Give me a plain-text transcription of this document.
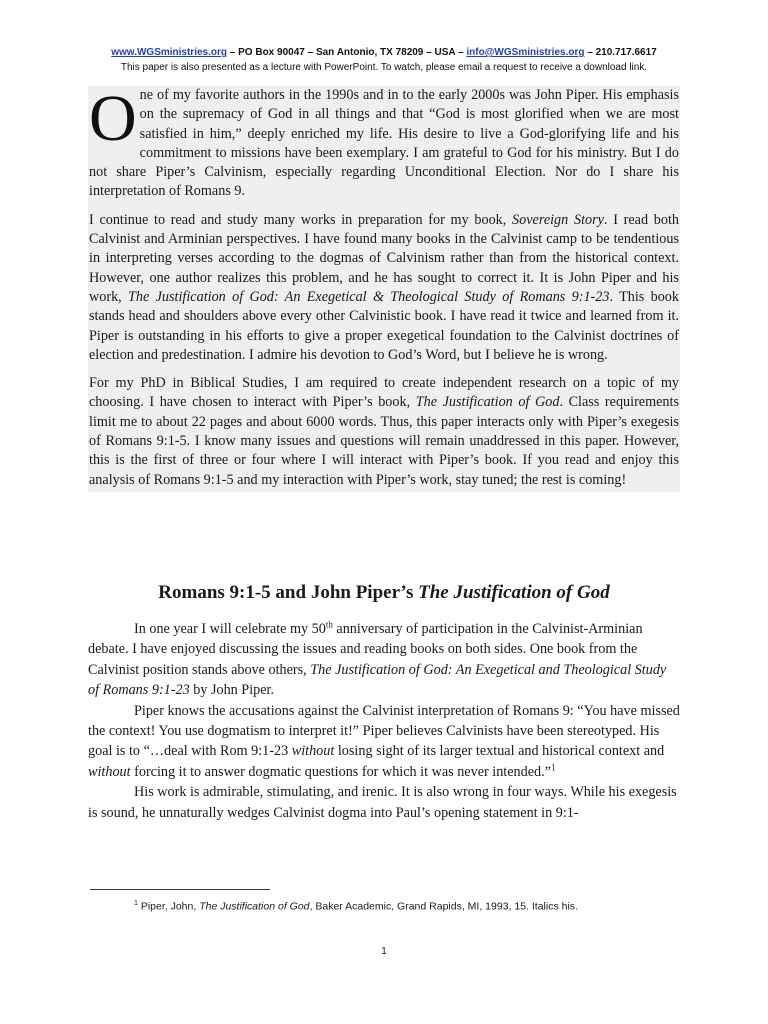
www.WGSministries.org – PO Box 90047 – San Antonio, TX 78209 – USA – info@WGSministries.org – 210.717.6617
This paper is also presented as a lecture with PowerPoint. To watch, please email a request to receive a download link.

One of my favorite authors in the 1990s and in to the early 2000s was John Piper. His emphasis on the supremacy of God in all things and that “God is most glorified when we are most satisfied in him,” deeply enriched my life. His desire to live a God-glorifying life and his commitment to missions have been exemplary. I am grateful to God for his ministry. But I do not share Piper’s Calvinism, especially regarding Unconditional Election. Nor do I share his interpretation of Romans 9.

I continue to read and study many works in preparation for my book, Sovereign Story. I read both Calvinist and Arminian perspectives. I have found many books in the Calvinist camp to be tendentious in interpreting verses according to the dogmas of Calvinism rather than from the historical context. However, one author realizes this problem, and he has sought to correct it. It is John Piper and his work, The Justification of God: An Exegetical & Theological Study of Romans 9:1-23. This book stands head and shoulders above every other Calvinistic book. I have read it twice and learned from it. Piper is outstanding in his efforts to give a proper exegetical foundation to the Calvinist doctrines of election and predestination. I admire his devotion to God’s Word, but I believe he is wrong.

For my PhD in Biblical Studies, I am required to create independent research on a topic of my choosing. I have chosen to interact with Piper’s book, The Justification of God. Class requirements limit me to about 22 pages and about 6000 words. Thus, this paper interacts only with Piper’s exegesis of Romans 9:1-5. I know many issues and questions will remain unaddressed in this paper. However, this is the first of three or four where I will interact with Piper’s book. If you read and enjoy this analysis of Romans 9:1-5 and my interaction with Piper’s work, stay tuned; the rest is coming!

Romans 9:1-5 and John Piper’s The Justification of God

In one year I will celebrate my 50th anniversary of participation in the Calvinist-Arminian debate. I have enjoyed discussing the issues and reading books on both sides. One book from the Calvinist position stands above others, The Justification of God: An Exegetical and Theological Study of Romans 9:1-23 by John Piper.

Piper knows the accusations against the Calvinist interpretation of Romans 9: “You have missed the context! You use dogmatism to interpret it!” Piper believes Calvinists have been stereotyped. His goal is to “…deal with Rom 9:1-23 without losing sight of its larger textual and historical context and without forcing it to answer dogmatic questions for which it was never intended.”$^1$

His work is admirable, stimulating, and irenic. It is also wrong in four ways. While his exegesis is sound, he unnaturally wedges Calvinist dogma into Paul’s opening statement in 9:1-

$^1$ Piper, John, The Justification of God, Baker Academic, Grand Rapids, MI, 1993, 15. Italics his.
1
